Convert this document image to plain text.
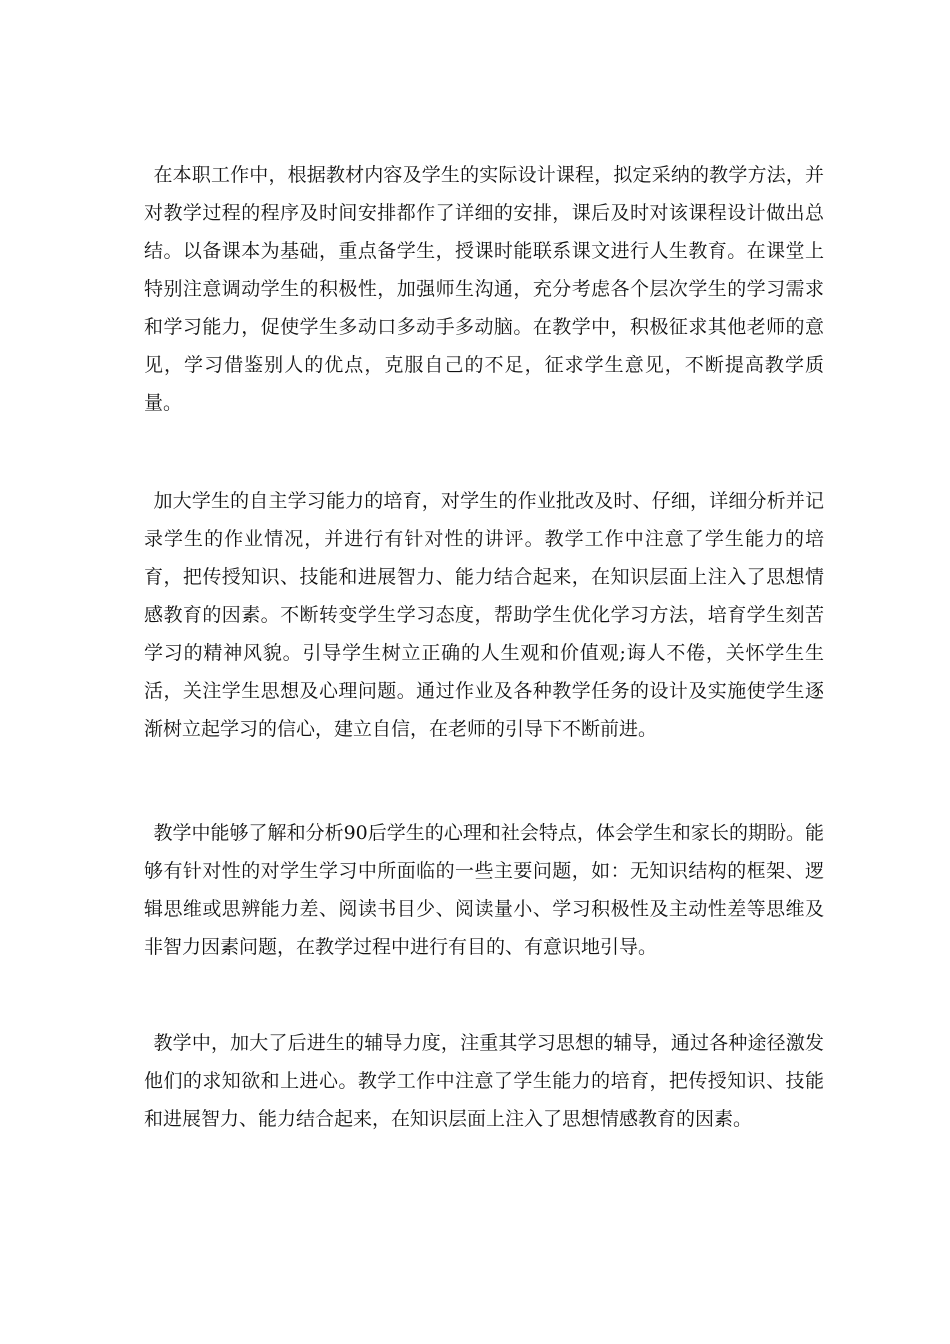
在本职工作中，根据教材内容及学生的实际设计课程，拟定采纳的教学方法，并对教学过程的程序及时间安排都作了详细的安排，课后及时对该课程设计做出总结。以备课本为基础，重点备学生，授课时能联系课文进行人生教育。在课堂上特别注意调动学生的积极性，加强师生沟通，充分考虑各个层次学生的学习需求和学习能力，促使学生多动口多动手多动脑。在教学中，积极征求其他老师的意见，学习借鉴别人的优点，克服自己的不足，征求学生意见，不断提高教学质量。

加大学生的自主学习能力的培育，对学生的作业批改及时、仔细，详细分析并记录学生的作业情况，并进行有针对性的讲评。教学工作中注意了学生能力的培育，把传授知识、技能和进展智力、能力结合起来，在知识层面上注入了思想情感教育的因素。不断转变学生学习态度，帮助学生优化学习方法，培育学生刻苦学习的精神风貌。引导学生树立正确的人生观和价值观;诲人不倦，关怀学生生活，关注学生思想及心理问题。通过作业及各种教学任务的设计及实施使学生逐渐树立起学习的信心，建立自信，在老师的引导下不断前进。

教学中能够了解和分析90后学生的心理和社会特点，体会学生和家长的期盼。能够有针对性的对学生学习中所面临的一些主要问题，如：无知识结构的框架、逻辑思维或思辨能力差、阅读书目少、阅读量小、学习积极性及主动性差等思维及非智力因素问题，在教学过程中进行有目的、有意识地引导。

教学中，加大了后进生的辅导力度，注重其学习思想的辅导，通过各种途径激发他们的求知欲和上进心。教学工作中注意了学生能力的培育，把传授知识、技能和进展智力、能力结合起来，在知识层面上注入了思想情感教育的因素。
